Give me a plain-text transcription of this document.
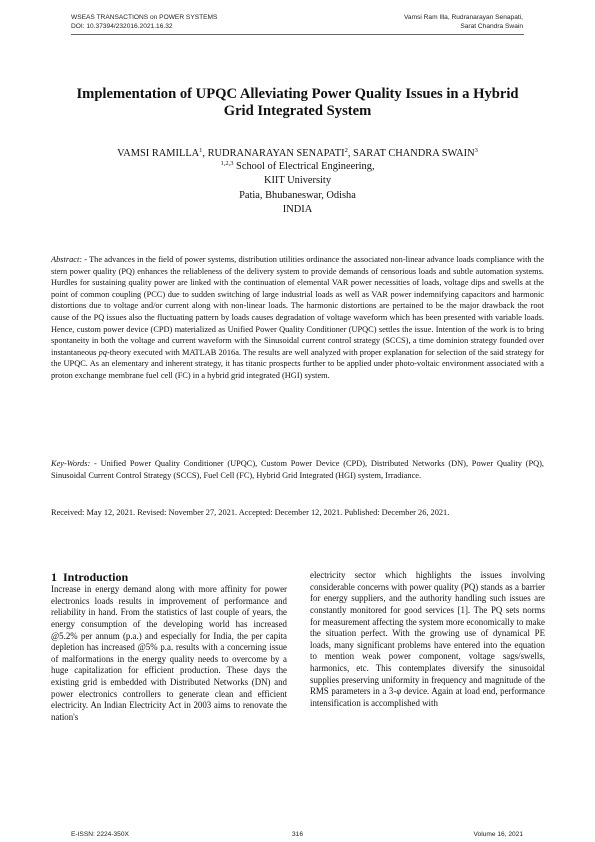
WSEAS TRANSACTIONS on POWER SYSTEMS
DOI: 10.37394/232016.2021.16.32
Vamsi Ram Illa, Rudranarayan Senapati,
Sarat Chandra Swain
Implementation of UPQC Alleviating Power Quality Issues in a Hybrid Grid Integrated System
VAMSI RAMILLA$^1$, RUDRANARAYAN SENAPATI$^2$, SARAT CHANDRA SWAIN$^3$
$^{1,2,3}$ School of Electrical Engineering,
KIIT University
Patia, Bhubaneswar, Odisha
INDIA
Abstract: - The advances in the field of power systems, distribution utilities ordinance the associated non-linear advance loads compliance with the stern power quality (PQ) enhances the reliableness of the delivery system to provide demands of censorious loads and subtle automation systems. Hurdles for sustaining quality power are linked with the continuation of elemental VAR power necessities of loads, voltage dips and swells at the point of common coupling (PCC) due to sudden switching of large industrial loads as well as VAR power indemnifying capacitors and harmonic distortions due to voltage and/or current along with non-linear loads. The harmonic distortions are pertained to be the major drawback the root cause of the PQ issues also the fluctuating pattern by loads causes degradation of voltage waveform which has been presented with variable loads. Hence, custom power device (CPD) materialized as Unified Power Quality Conditioner (UPQC) settles the issue. Intention of the work is to bring spontaneity in both the voltage and current waveform with the Sinusoidal current control strategy (SCCS), a time dominion strategy founded over instantaneous pq-theory executed with MATLAB 2016a. The results are well analyzed with proper explanation for selection of the said strategy for the UPQC. As an elementary and inherent strategy, it has titanic prospects further to be applied under photo-voltaic environment associated with a proton exchange membrane fuel cell (FC) in a hybrid grid integrated (HGI) system.
Key-Words: - Unified Power Quality Conditioner (UPQC), Custom Power Device (CPD), Distributed Networks (DN), Power Quality (PQ), Sinusoidal Current Control Strategy (SCCS), Fuel Cell (FC), Hybrid Grid Integrated (HGI) system, Irradiance.
Received: May 12, 2021. Revised: November 27, 2021. Accepted: December 12, 2021. Published: December 26, 2021.
1 Introduction
Increase in energy demand along with more affinity for power electronics loads results in improvement of performance and reliability in hand. From the statistics of last couple of years, the energy consumption of the developing world has increased @5.2% per annum (p.a.) and especially for India, the per capita depletion has increased @5% p.a. results with a concerning issue of malformations in the energy quality needs to overcome by a huge capitalization for efficient production. These days the existing grid is embedded with Distributed Networks (DN) and power electronics controllers to generate clean and efficient electricity. An Indian Electricity Act in 2003 aims to renovate the nation's
electricity sector which highlights the issues involving considerable concerns with power quality (PQ) stands as a barrier for energy suppliers, and the authority handling such issues are constantly monitored for good services [1]. The PQ sets norms for measurement affecting the system more economically to make the situation perfect. With the growing use of dynamical PE loads, many significant problems have entered into the equation to mention weak power component, voltage sags/swells, harmonics, etc. This contemplates diversify the sinusoidal supplies preserving uniformity in frequency and magnitude of the RMS parameters in a 3-φ device. Again at load end, performance intensification is accomplished with
E-ISSN: 2224-350X	316	Volume 16, 2021
